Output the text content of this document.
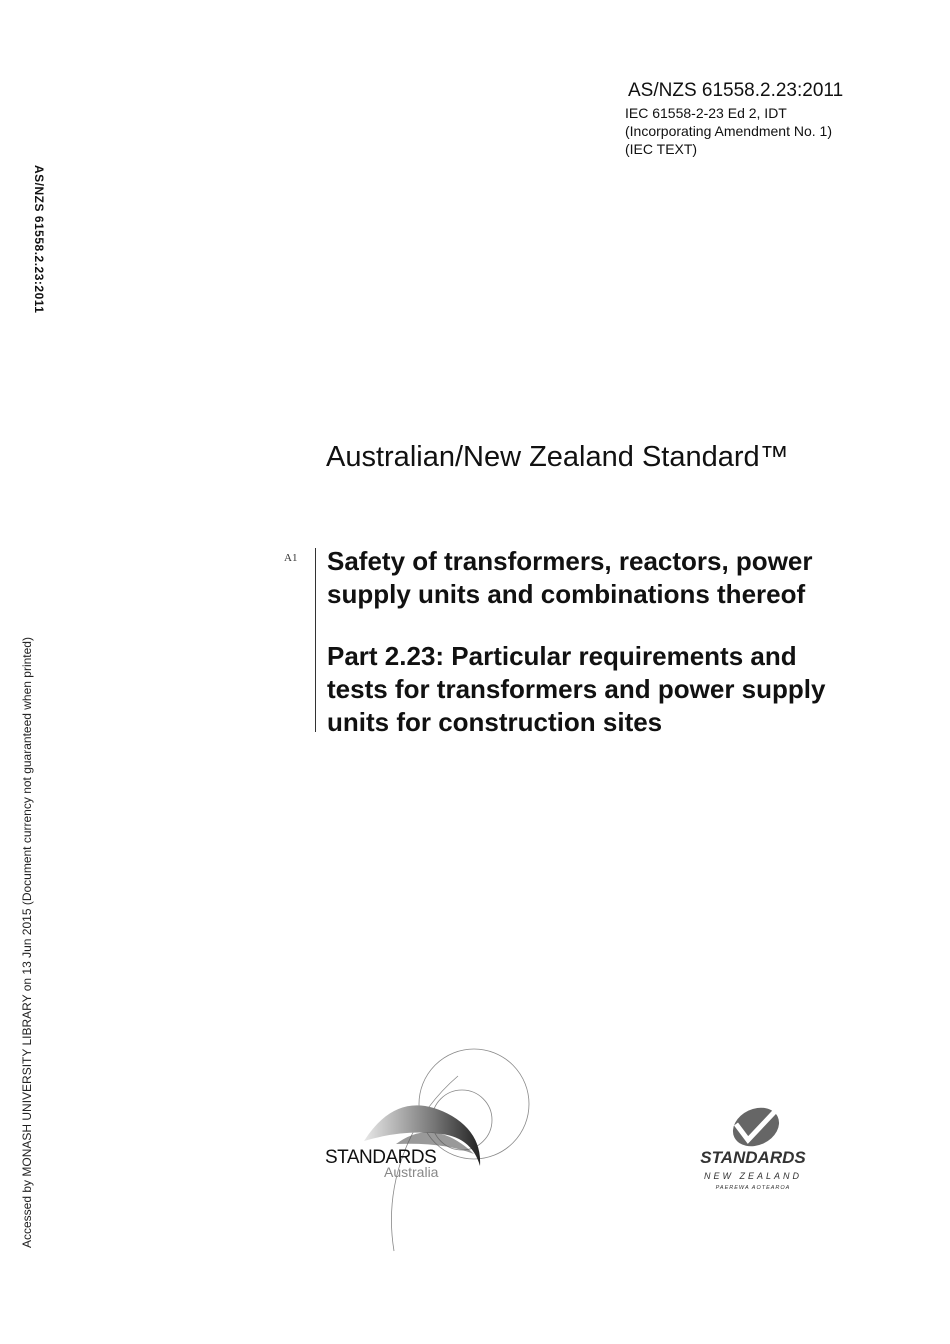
AS/NZS 61558.2.23:2011
IEC 61558-2-23 Ed 2, IDT
(Incorporating Amendment No. 1)
(IEC TEXT)
AS/NZS 61558.2.23:2011
Accessed by MONASH UNIVERSITY LIBRARY on 13 Jun 2015 (Document currency not guaranteed when printed)
Australian/New Zealand Standard™
A1 Safety of transformers, reactors, power
supply units and combinations thereof
Part 2.23: Particular requirements and
tests for transformers and power supply
units for construction sites
STANDARDS
Australia
STANDARDS
NEW ZEALAND
PAEREWA AOTEAROA
